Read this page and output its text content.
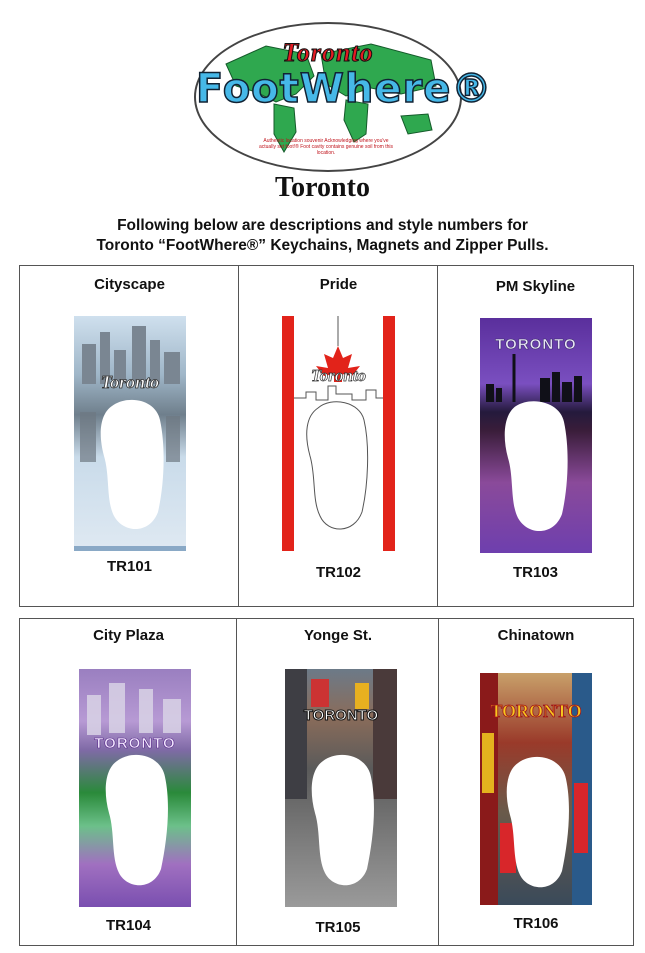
Toronto
FootWhere®
Authentic location souvenir Acknowledging where you've actually set foot!® Foot cavity contains genuine soil from this location.
Toronto
Following below are descriptions and style numbers for
Toronto “FootWhere®” Keychains, Magnets and Zipper Pulls.
Cityscape
Toronto
TR101
Pride
Toronto
TR102
PM Skyline
TORONTO
TR103
City Plaza
TORONTO
TR104
Yonge St.
TORONTO
TR105
Chinatown
TORONTO
TR106
